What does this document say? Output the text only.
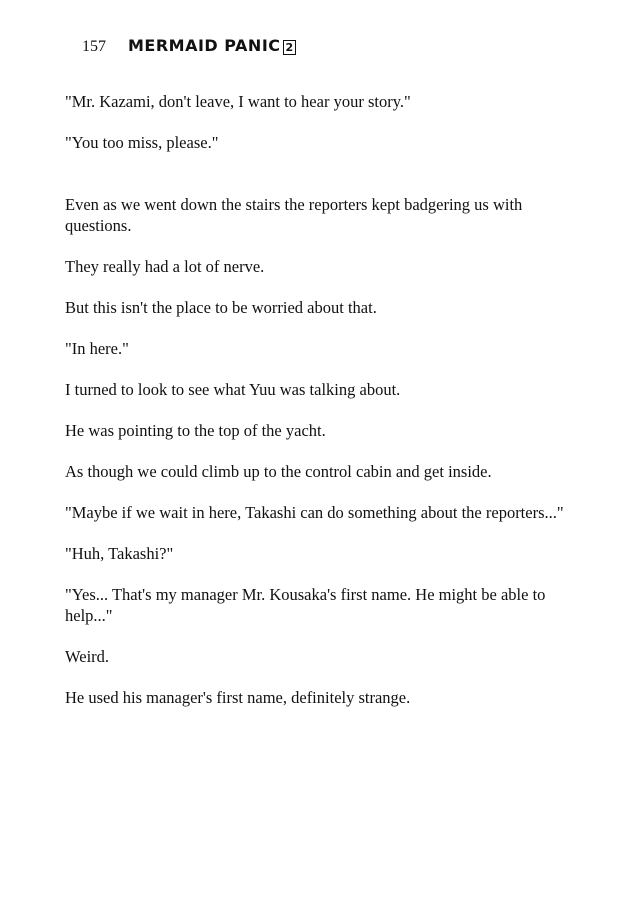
157 MERMAID PANIC 2

"Mr. Kazami, don't leave, I want to hear your story."

"You too miss, please."

Even as we went down the stairs the reporters kept badgering us with questions.

They really had a lot of nerve.

But this isn't the place to be worried about that.

"In here."

I turned to look to see what Yuu was talking about.

He was pointing to the top of the yacht.

As though we could climb up to the control cabin and get inside.

"Maybe if we wait in here, Takashi can do something about the reporters..."

"Huh, Takashi?"

"Yes... That's my manager Mr. Kousaka's first name. He might be able to help..."

Weird.

He used his manager's first name, definitely strange.
